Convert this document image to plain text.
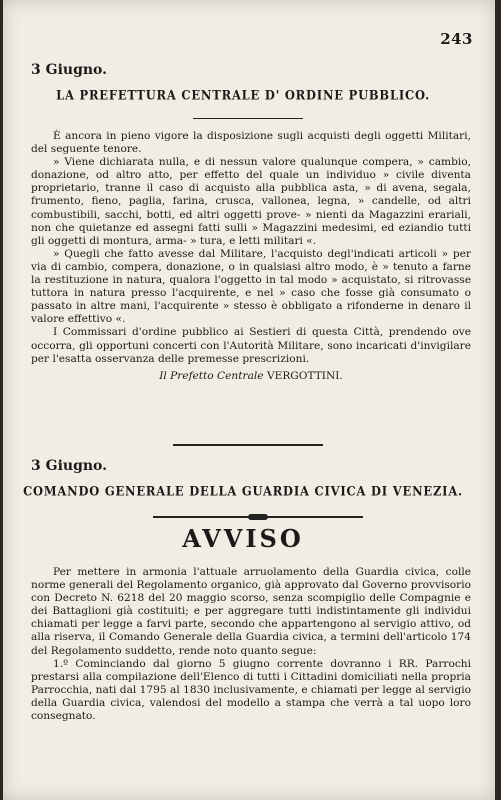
243
3 Giugno.
LA PREFETTURA CENTRALE D' ORDINE PUBBLICO.

È ancora in pieno vigore la disposizione sugli acquisti degli oggetti Militari, del seguente tenore.

» Viene dichiarata nulla, e di nessun valore qualunque compera, » cambio, donazione, od altro atto, per effetto del quale un individuo » civile diventa proprietario, tranne il caso di acquisto alla pubblica asta, » di avena, segala, frumento, fieno, paglia, farina, crusca, vallonea, legna, » candelle, od altri combustibili, sacchi, botti, ed altri oggetti prove- » nienti da Magazzini erariali, non che quietanze ed assegni fatti sulli » Magazzini medesimi, ed eziandio tutti gli oggetti di montura, arma- » tura, e letti militari «.

» Quegli che fatto avesse dal Militare, l'acquisto degl'indicati articoli » per via di cambio, compera, donazione, o in qualsiasi altro modo, è » tenuto a farne la restituzione in natura, qualora l'oggetto in tal modo » acquistato, si ritrovasse tuttora in natura presso l'acquirente, e nel » caso che fosse già consumato o passato in altre mani, l'acquirente » stesso è obbligato a rifonderne in denaro il valore effettivo «.

I Commissari d'ordine pubblico ai Sestieri di questa Città, prendendo ove occorra, gli opportuni concerti con l'Autorità Militare, sono incaricati d'invigilare per l'esatta osservanza delle premesse prescrizioni.

Il Prefetto Centrale VERGOTTINI.

3 Giugno.
COMANDO GENERALE DELLA GUARDIA CIVICA DI VENEZIA.
AVVISO

Per mettere in armonia l'attuale arruolamento della Guardia civica, colle norme generali del Regolamento organico, già approvato dal Governo provvisorio con Decreto N. 6218 del 20 maggio scorso, senza scompiglio delle Compagnie e dei Battaglioni già costituiti; e per aggregare tutti indistintamente gli individui chiamati per legge a farvi parte, secondo che appartengono al servigio attivo, od alla riserva, il Comando Generale della Guardia civica, a termini dell'articolo 174 del Regolamento suddetto, rende noto quanto segue:

1.º Cominciando dal giorno 5 giugno corrente dovranno i RR. Parrochi prestarsi alla compilazione dell'Elenco di tutti i Cittadini domiciliati nella propria Parrocchia, nati dal 1795 al 1830 inclusivamente, e chiamati per legge al servigio della Guardia civica, valendosi del modello a stampa che verrà a tal uopo loro consegnato.
